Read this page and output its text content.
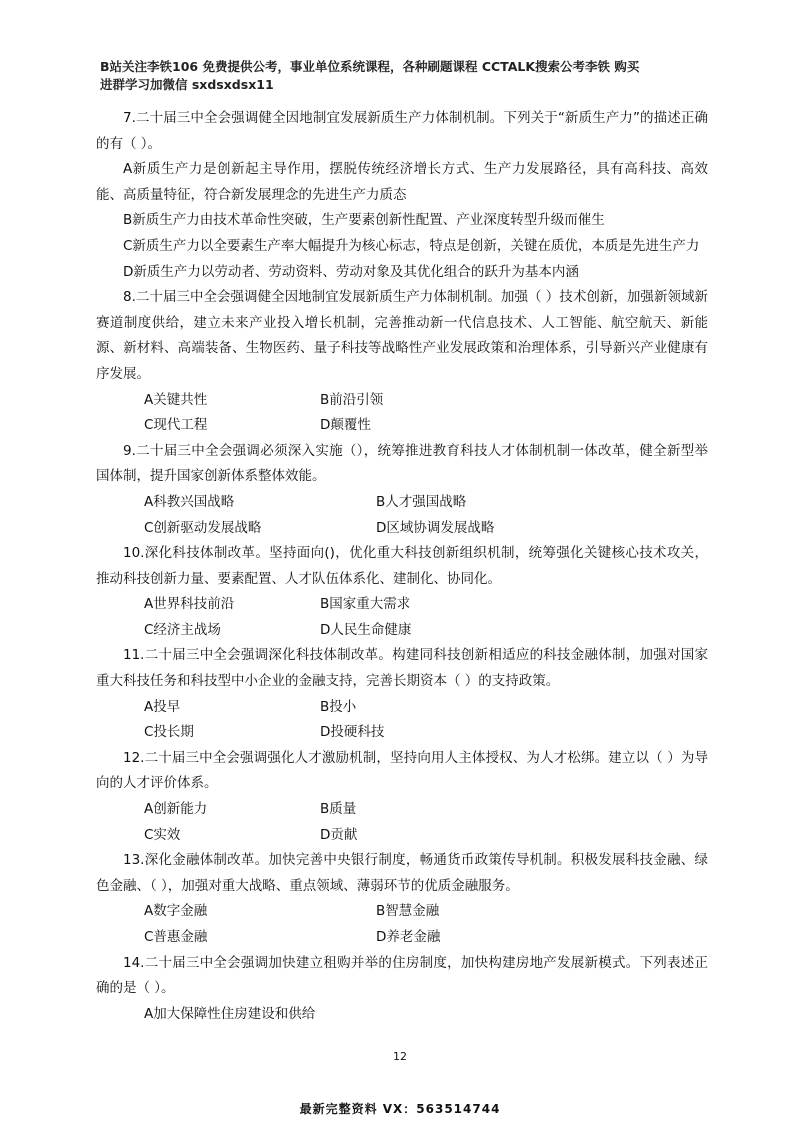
B站关注李铁106 免费提供公考，事业单位系统课程，各种刷题课程 CCTALK搜索公考李铁 购买
进群学习加微信 sxdsxdsx11

7.二十届三中全会强调健全因地制宜发展新质生产力体制机制。下列关于“新质生产力”的描述正确的有（ ）。

A新质生产力是创新起主导作用，摆脱传统经济增长方式、生产力发展路径，具有高科技、高效能、高质量特征，符合新发展理念的先进生产力质态

B新质生产力由技术革命性突破，生产要素创新性配置、产业深度转型升级而催生

C新质生产力以全要素生产率大幅提升为核心标志，特点是创新，关键在质优，本质是先进生产力

D新质生产力以劳动者、劳动资料、劳动对象及其优化组合的跃升为基本内涵

8.二十届三中全会强调健全因地制宜发展新质生产力体制机制。加强（ ）技术创新，加强新领域新赛道制度供给，建立未来产业投入增长机制，完善推动新一代信息技术、人工智能、航空航天、新能源、新材料、高端装备、生物医药、量子科技等战略性产业发展政策和治理体系，引导新兴产业健康有序发展。

A关键共性	B前沿引领
C现代工程	D颠覆性

9.二十届三中全会强调必须深入实施（），统筹推进教育科技人才体制机制一体改革，健全新型举国体制，提升国家创新体系整体效能。

A科教兴国战略	B人才强国战略
C创新驱动发展战略	D区域协调发展战略

10.深化科技体制改革。坚持面向()，优化重大科技创新组织机制，统筹强化关键核心技术攻关，推动科技创新力量、要素配置、人才队伍体系化、建制化、协同化。

A世界科技前沿	B国家重大需求
C经济主战场	D人民生命健康

11.二十届三中全会强调深化科技体制改革。构建同科技创新相适应的科技金融体制，加强对国家重大科技任务和科技型中小企业的金融支持，完善长期资本（ ）的支持政策。

A投早	B投小
C投长期	D投硬科技

12.二十届三中全会强调强化人才激励机制，坚持向用人主体授权、为人才松绑。建立以（ ）为导向的人才评价体系。

A创新能力	B质量
C实效	D贡献

13.深化金融体制改革。加快完善中央银行制度，畅通货币政策传导机制。积极发展科技金融、绿色金融、（ ），加强对重大战略、重点领域、薄弱环节的优质金融服务。

A数字金融	B智慧金融
C普惠金融	D养老金融

14.二十届三中全会强调加快建立租购并举的住房制度，加快构建房地产发展新模式。下列表述正确的是（ ）。

A加大保障性住房建设和供给

12
最新完整资料 VX：563514744
